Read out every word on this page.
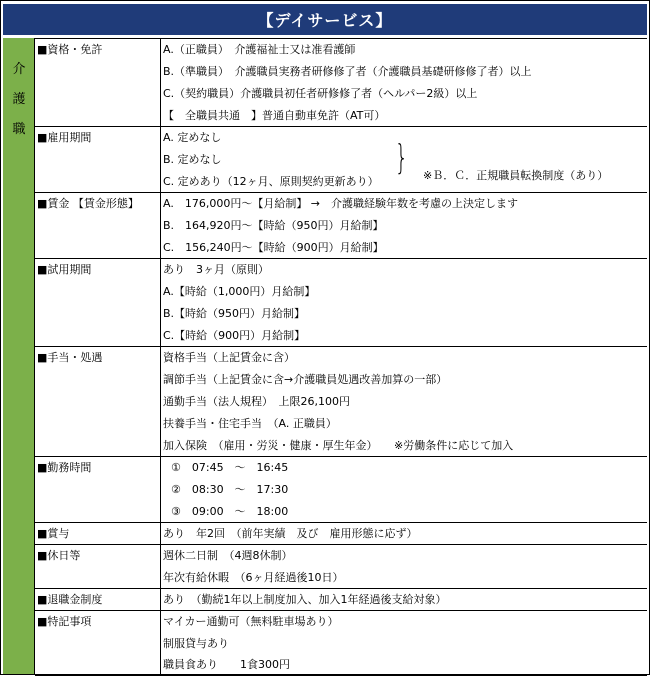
【デイサービス】
介
護
職
■資格・免許	A.（正職員）　介護福祉士又は准看護師
B.（準職員）　介護職員実務者研修修了者（介護職員基礎研修修了者）以上
C.（契約職員）介護職員初任者研修修了者（ヘルパー2級）以上
【　全職員共通　】普通自動車免許（AT可）
■雇用期間	A. 定めなし
B. 定めなし
C. 定めあり（12ヶ月、原則契約更新あり）
} ※Ｂ．Ｃ．正規職員転換制度（あり）
■賃金 【賃金形態】	A.　176,000円～【月給制】 →　介護職経験年数を考慮の上決定します
B.　164,920円～【時給（950円）月給制】
C.　156,240円～【時給（900円）月給制】
■試用期間	あり　3ヶ月（原則）
A.【時給（1,000円）月給制】
B.【時給（950円）月給制】
C.【時給（900円）月給制】
■手当・処遇	資格手当（上記賃金に含）
調節手当（上記賃金に含→介護職員処遇改善加算の一部）
通勤手当（法人規程）　上限26,100円
扶養手当・住宅手当　（A. 正職員）
加入保険　（雇用・労災・健康・厚生年金）　　※労働条件に応じて加入
■勤務時間	①　07:45　～　16:45
②　08:30　～　17:30
③　09:00　～　18:00
■賞与	あり　年2回　（前年実績　及び　雇用形態に応ず）
■休日等	週休二日制　（4週8休制）
年次有給休暇　（6ヶ月経過後10日）
■退職金制度	あり　（勤続1年以上制度加入、加入1年経過後支給対象）
■特記事項	マイカー通勤可（無料駐車場あり）
制服貸与あり
職員食あり　　1食300円
